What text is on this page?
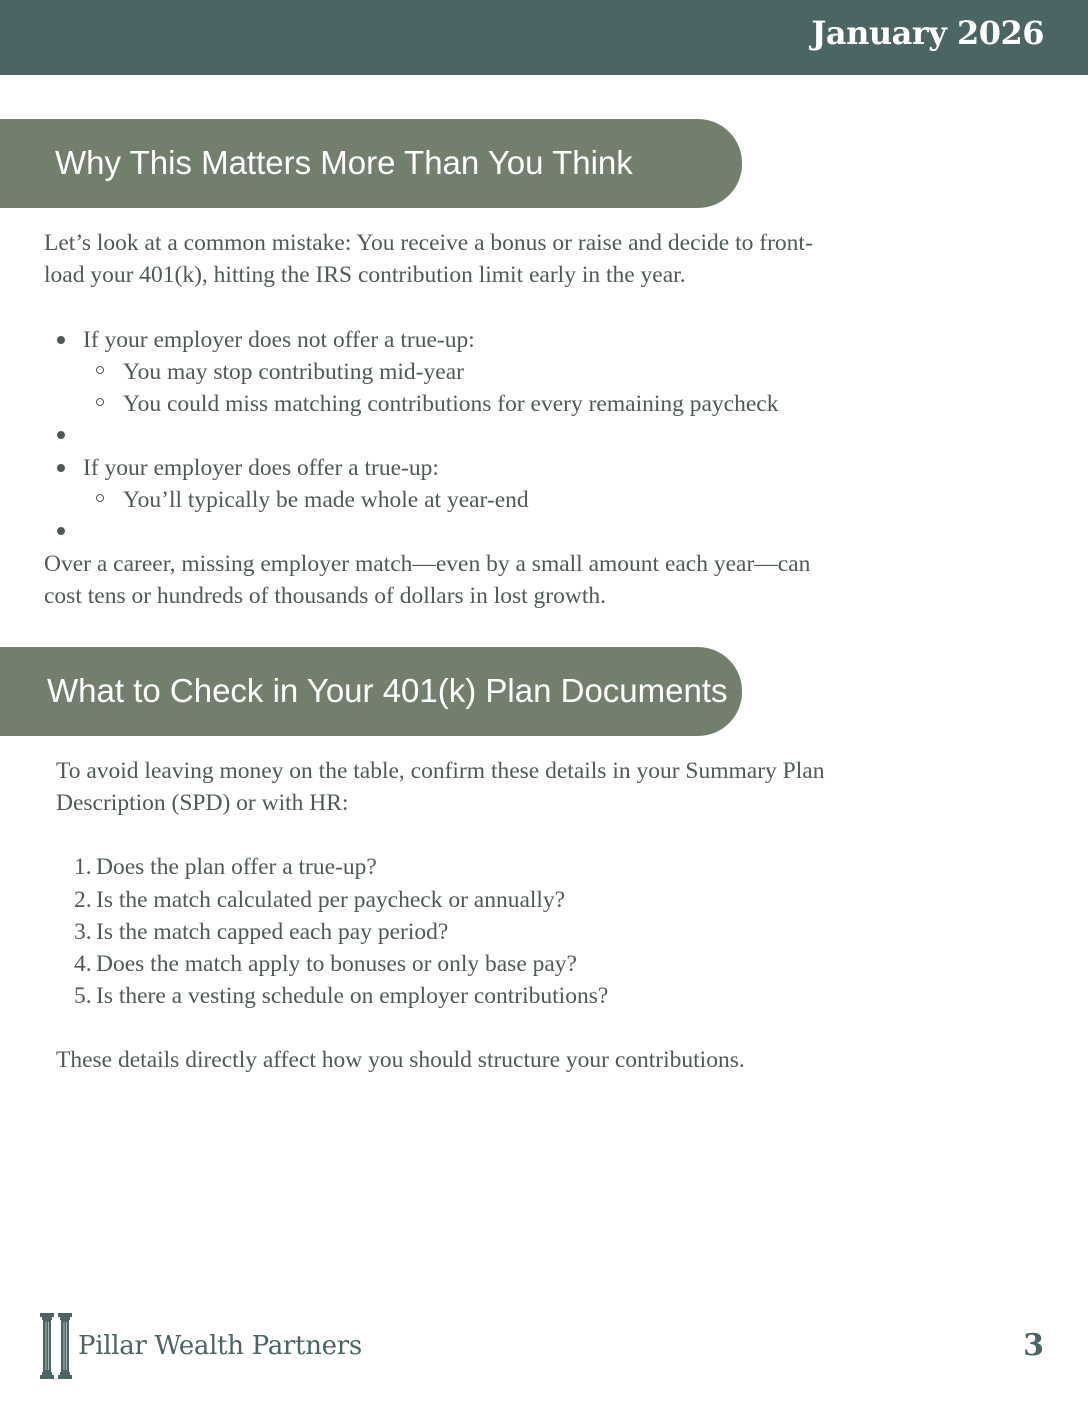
January 2026
Why This Matters More Than You Think

Let’s look at a common mistake: You receive a bonus or raise and decide to front-
load your 401(k), hitting the IRS contribution limit early in the year.

If your employer does not offer a true-up:
You may stop contributing mid-year
You could miss matching contributions for every remaining paycheck
If your employer does offer a true-up:
You’ll typically be made whole at year-end

Over a career, missing employer match—even by a small amount each year—can
cost tens or hundreds of thousands of dollars in lost growth.

What to Check in Your 401(k) Plan Documents

To avoid leaving money on the table, confirm these details in your Summary Plan
Description (SPD) or with HR:

1. Does the plan offer a true-up?
2. Is the match calculated per paycheck or annually?
3. Is the match capped each pay period?
4. Does the match apply to bonuses or only base pay?
5. Is there a vesting schedule on employer contributions?

These details directly affect how you should structure your contributions.

Pillar Wealth Partners	3
